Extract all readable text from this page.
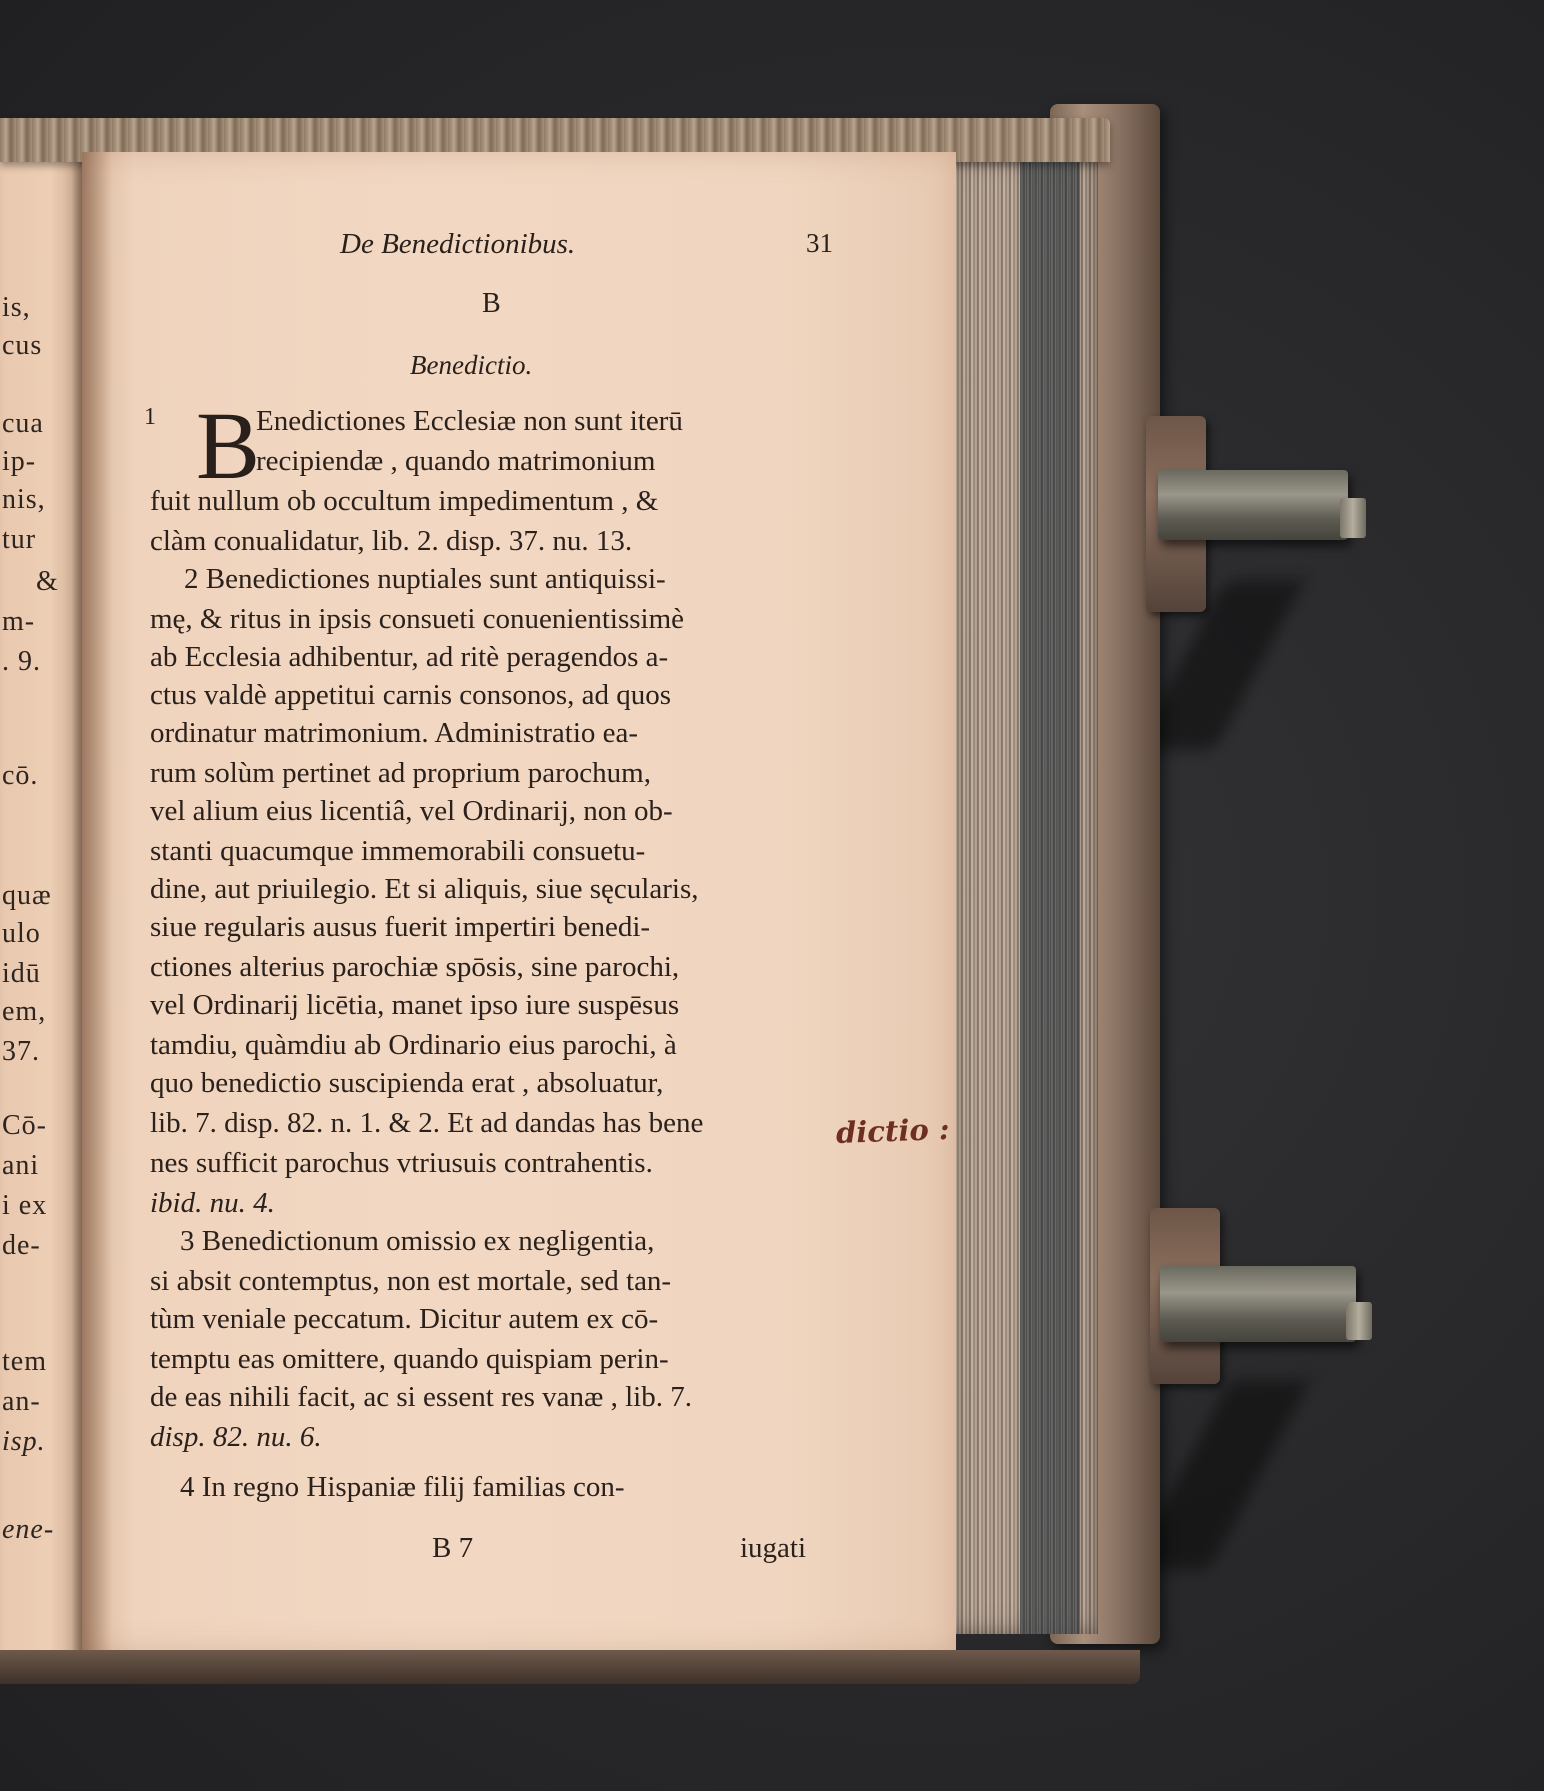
is,
cus
cua
ip-
nis,
tur
&
m-
. 9.
cō.
quæ
ulo
idū
em,
37.
Cō-
ani
i ex
de-
tem
an-
isp.
ene-
De Benedictionibus.	31
B
Benedictio.
1 B
Enedictiones Ecclesiæ non sunt iterū
recipiendæ , quando matrimonium
fuit nullum ob occultum impedimentum , &
clàm conualidatur, lib. 2. disp. 37. nu. 13.
2 Benedictiones nuptiales sunt antiquissi-
mę, & ritus in ipsis consueti conuenientissimè
ab Ecclesia adhibentur, ad ritè peragendos a-
ctus valdè appetitui carnis consonos, ad quos
ordinatur matrimonium. Administratio ea-
rum solùm pertinet ad proprium parochum,
vel alium eius licentiâ, vel Ordinarij, non ob-
stanti quacumque immemorabili consuetu-
dine, aut priuilegio. Et si aliquis, siue sęcularis,
siue regularis ausus fuerit impertiri benedi-
ctiones alterius parochiæ spōsis, sine parochi,
vel Ordinarij licētia, manet ipso iure suspēsus
tamdiu, quàmdiu ab Ordinario eius parochi, à
quo benedictio suscipienda erat , absoluatur,
lib. 7. disp. 82. n. 1. & 2. Et ad dandas has bene
nes sufficit parochus vtriusuis contrahentis.
ibid. nu. 4.
3 Benedictionum omissio ex negligentia,
si absit contemptus, non est mortale, sed tan-
tùm veniale peccatum. Dicitur autem ex cō-
temptu eas omittere, quando quispiam perin-
de eas nihili facit, ac si essent res vanæ , lib. 7.
disp. 82. nu. 6.
4 In regno Hispaniæ filij familias con-
dictio :
B 7	iugati
